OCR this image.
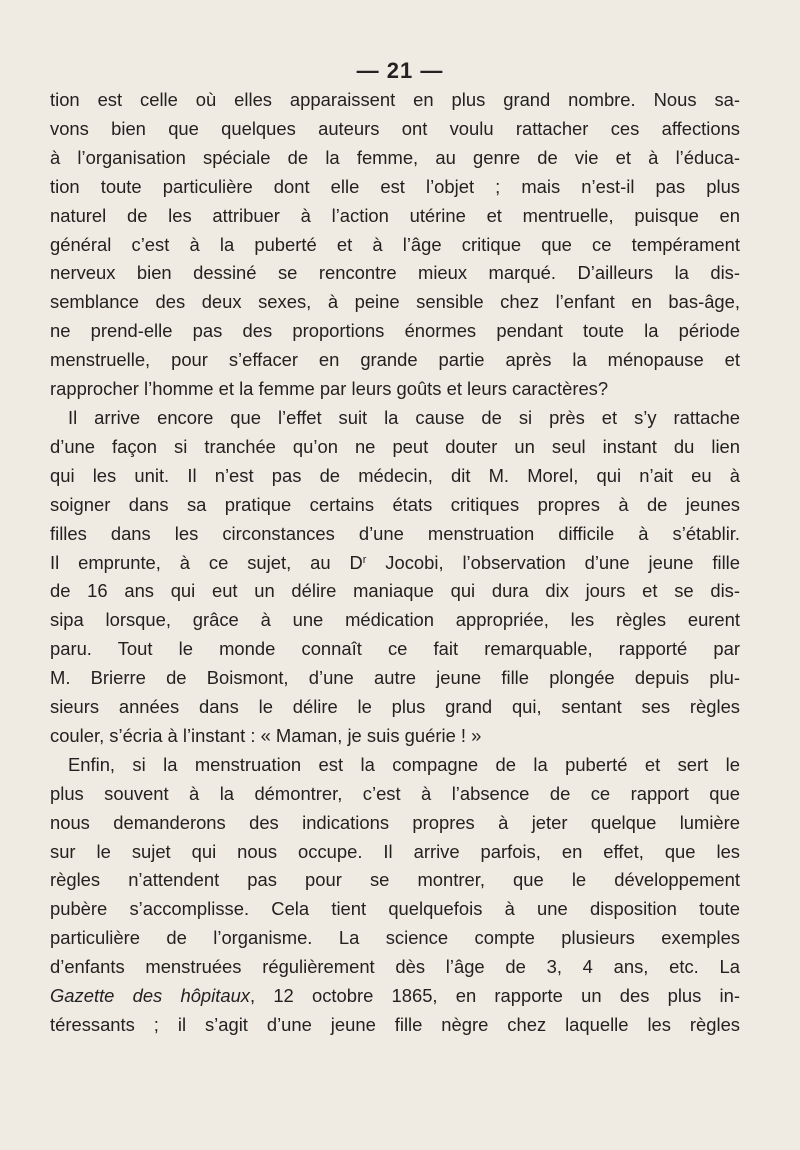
— 21 —
tion est celle où elles apparaissent en plus grand nombre. Nous sa-
vons bien que quelques auteurs ont voulu rattacher ces affections
à l’organisation spéciale de la femme, au genre de vie et à l’éduca-
tion toute particulière dont elle est l’objet ; mais n’est-il pas plus
naturel de les attribuer à l’action utérine et mentruelle, puisque en
général c’est à la puberté et à l’âge critique que ce tempérament
nerveux bien dessiné se rencontre mieux marqué. D’ailleurs la dis-
semblance des deux sexes, à peine sensible chez l’enfant en bas-âge,
ne prend-elle pas des proportions énormes pendant toute la période
menstruelle, pour s’effacer en grande partie après la ménopause et
rapprocher l’homme et la femme par leurs goûts et leurs caractères?
Il arrive encore que l’effet suit la cause de si près et s’y rattache
d’une façon si tranchée qu’on ne peut douter un seul instant du lien
qui les unit. Il n’est pas de médecin, dit M. Morel, qui n’ait eu à
soigner dans sa pratique certains états critiques propres à de jeunes
filles dans les circonstances d’une menstruation difficile à s’établir.
Il emprunte, à ce sujet, au $D^r$ Jocobi, l’observation d’une jeune fille
de 16 ans qui eut un délire maniaque qui dura dix jours et se dis-
sipa lorsque, grâce à une médication appropriée, les règles eurent
paru. Tout le monde connaît ce fait remarquable, rapporté par
M. Brierre de Boismont, d’une autre jeune fille plongée depuis plu-
sieurs années dans le délire le plus grand qui, sentant ses règles
couler, s’écria à l’instant : « Maman, je suis guérie ! »
Enfin, si la menstruation est la compagne de la puberté et sert le
plus souvent à la démontrer, c’est à l’absence de ce rapport que
nous demanderons des indications propres à jeter quelque lumière
sur le sujet qui nous occupe. Il arrive parfois, en effet, que les
règles n’attendent pas pour se montrer, que le développement
pubère s’accomplisse. Cela tient quelquefois à une disposition toute
particulière de l’organisme. La science compte plusieurs exemples
d’enfants menstruées régulièrement dès l’âge de 3, 4 ans, etc. La
Gazette des hôpitaux, 12 octobre 1865, en rapporte un des plus in-
téressants ; il s’agit d’une jeune fille nègre chez laquelle les règles
